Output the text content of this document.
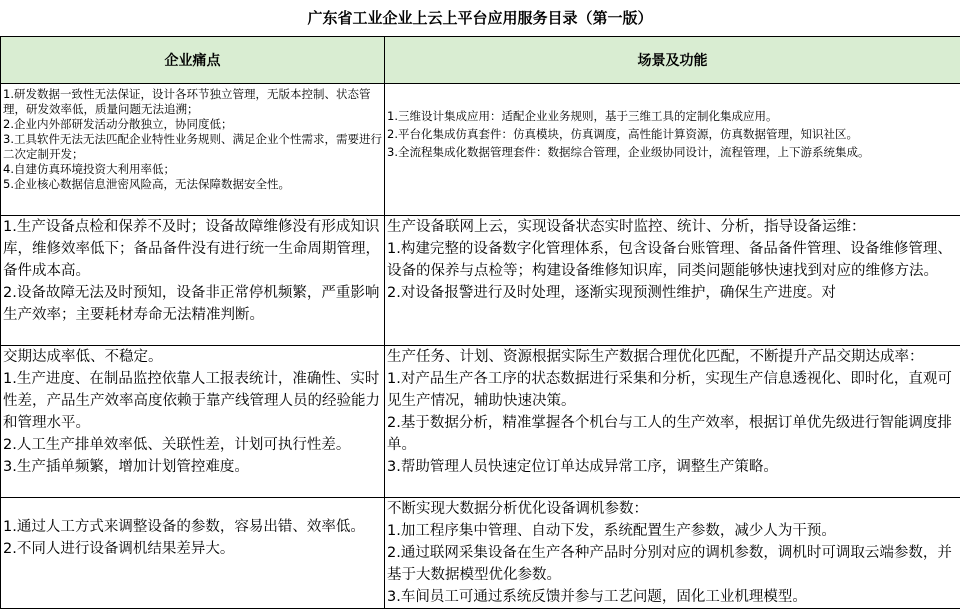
广东省工业企业上云上平台应用服务目录（第一版）
企业痛点	场景及功能

1.研发数据一致性无法保证，设计各环节独立管理，无版本控制、状态管理，研发效率低，质量问题无法追溯；
2.企业内外部研发活动分散独立，协同度低；
3.工具软件无法无法匹配企业特性业务规则、满足企业个性需求，需要进行二次定制开发；
4.自建仿真环境投资大利用率低；
5.企业核心数据信息泄密风险高，无法保障数据安全性。	1.三维设计集成应用：适配企业业务规则，基于三维工具的定制化集成应用。
2.平台化集成仿真套件：仿真模块，仿真调度，高性能计算资源，仿真数据管理，知识社区。
3.全流程集成化数据管理套件：数据综合管理，企业级协同设计，流程管理，上下游系统集成。

1.生产设备点检和保养不及时；设备故障维修没有形成知识库，维修效率低下；备品备件没有进行统一生命周期管理，备件成本高。
2.设备故障无法及时预知，设备非正常停机频繁，严重影响生产效率；主要耗材寿命无法精准判断。	生产设备联网上云，实现设备状态实时监控、统计、分析，指导设备运维：
1.构建完整的设备数字化管理体系，包含设备台账管理、备品备件管理、设备维修管理、设备的保养与点检等；构建设备维修知识库，同类问题能够快速找到对应的维修方法。
2.对设备报警进行及时处理，逐渐实现预测性维护，确保生产进度。对

交期达成率低、不稳定。
1.生产进度、在制品监控依靠人工报表统计，准确性、实时性差，产品生产效率高度依赖于靠产线管理人员的经验能力和管理水平。
2.人工生产排单效率低、关联性差，计划可执行性差。
3.生产插单频繁，增加计划管控难度。	生产任务、计划、资源根据实际生产数据合理优化匹配，不断提升产品交期达成率：
1.对产品生产各工序的状态数据进行采集和分析，实现生产信息透视化、即时化，直观可见生产情况，辅助快速决策。
2.基于数据分析，精准掌握各个机台与工人的生产效率，根据订单优先级进行智能调度排单。
3.帮助管理人员快速定位订单达成异常工序，调整生产策略。

1.通过人工方式来调整设备的参数，容易出错、效率低。
2.不同人进行设备调机结果差异大。	不断实现大数据分析优化设备调机参数：
1.加工程序集中管理、自动下发，系统配置生产参数，减少人为干预。
2.通过联网采集设备在生产各种产品时分别对应的调机参数，调机时可调取云端参数，并基于大数据模型优化参数。
3.车间员工可通过系统反馈并参与工艺问题，固化工业机理模型。
